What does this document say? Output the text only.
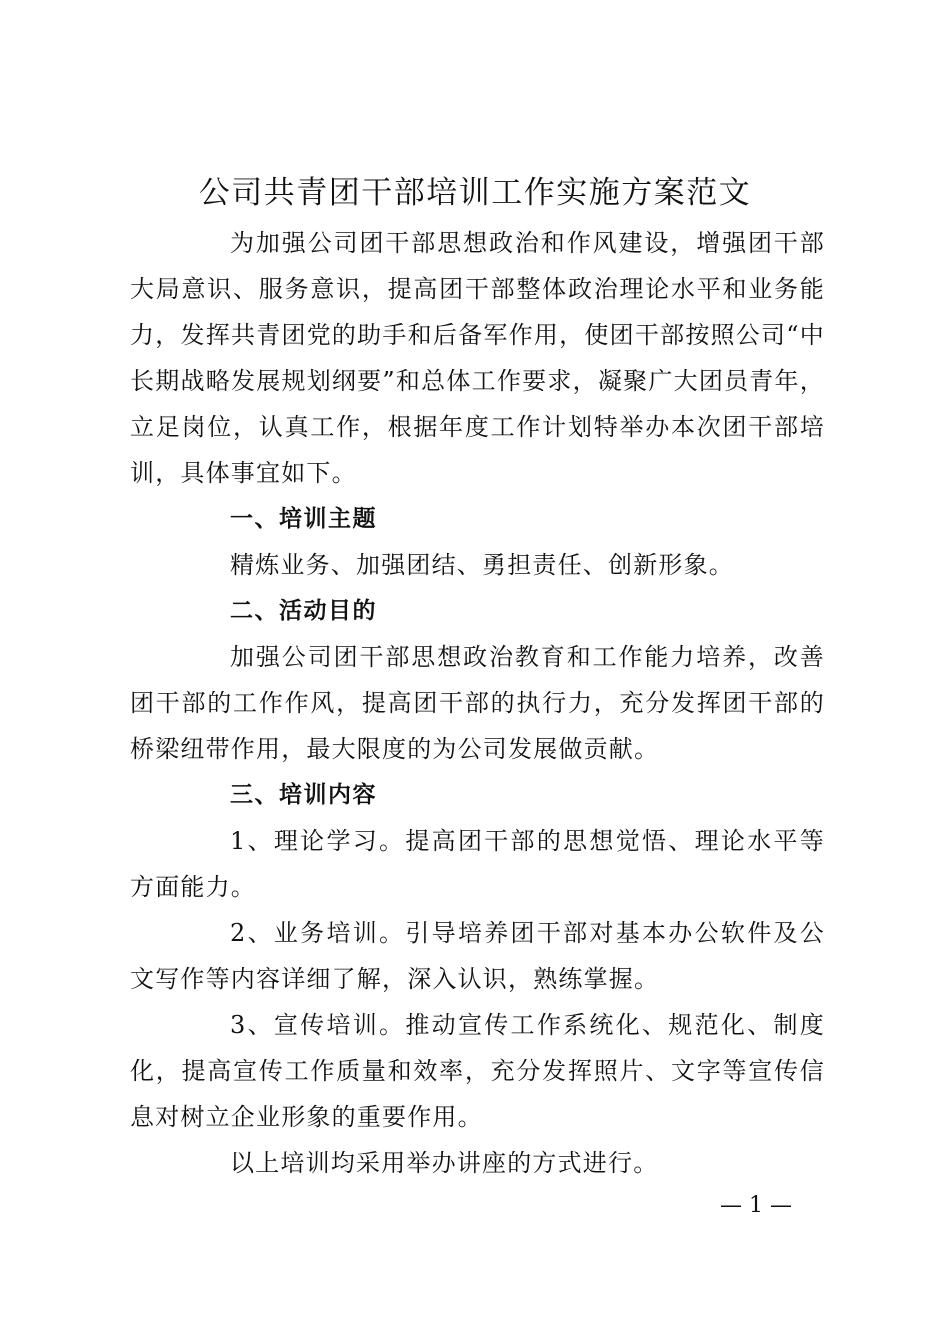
公司共青团干部培训工作实施方案范文

为加强公司团干部思想政治和作风建设，增强团干部大局意识、服务意识，提高团干部整体政治理论水平和业务能力，发挥共青团党的助手和后备军作用，使团干部按照公司“中长期战略发展规划纲要”和总体工作要求，凝聚广大团员青年，立足岗位，认真工作，根据年度工作计划特举办本次团干部培训，具体事宜如下。

一、培训主题

精炼业务、加强团结、勇担责任、创新形象。

二、活动目的

加强公司团干部思想政治教育和工作能力培养，改善团干部的工作作风，提高团干部的执行力，充分发挥团干部的桥梁纽带作用，最大限度的为公司发展做贡献。

三、培训内容

1、理论学习。提高团干部的思想觉悟、理论水平等方面能力。

2、业务培训。引导培养团干部对基本办公软件及公文写作等内容详细了解，深入认识，熟练掌握。

3、宣传培训。推动宣传工作系统化、规范化、制度化，提高宣传工作质量和效率，充分发挥照片、文字等宣传信息对树立企业形象的重要作用。

以上培训均采用举办讲座的方式进行。

— 1 —
